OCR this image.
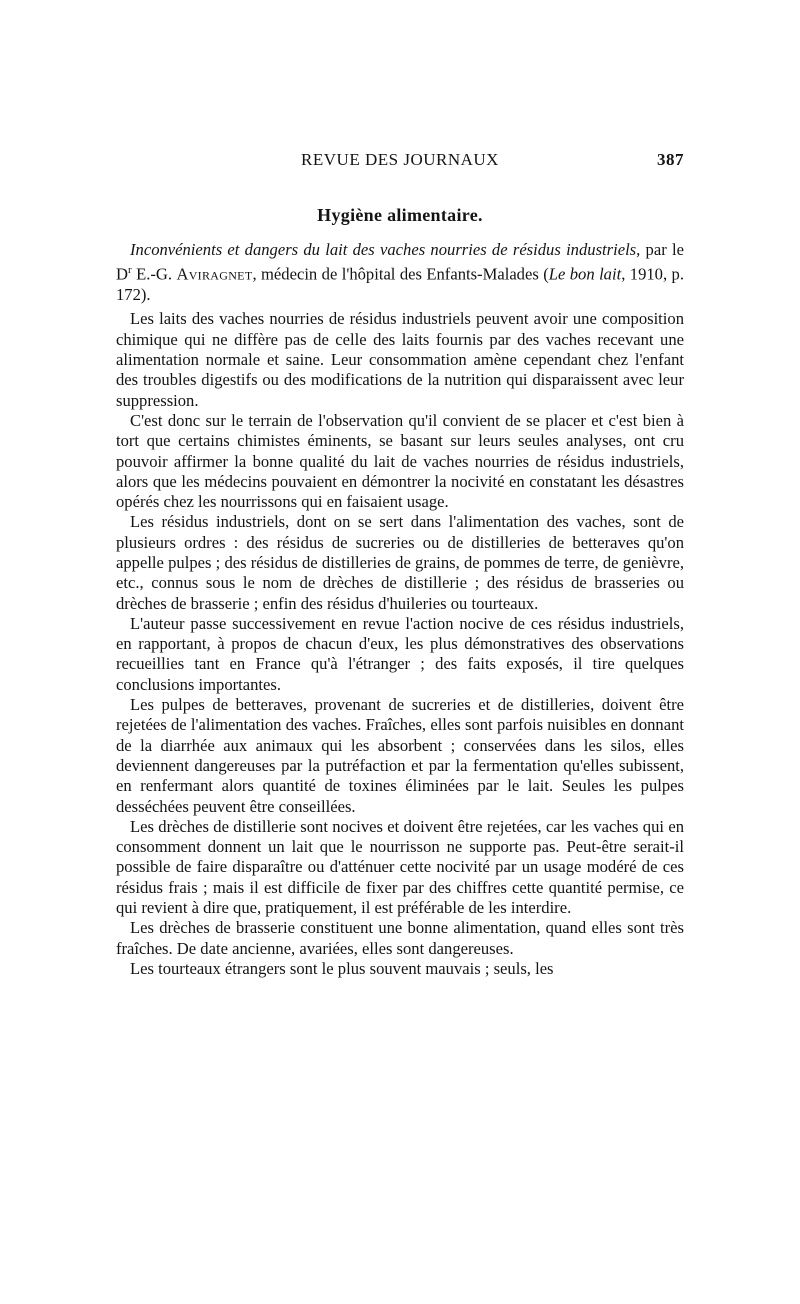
REVUE DES JOURNAUX	387
Hygiène alimentaire.

Inconvénients et dangers du lait des vaches nourries de résidus industriels, par le $D^r$ E.-G. Aviragnet, médecin de l'hôpital des Enfants-Malades (Le bon lait, 1910, p. 172).

Les laits des vaches nourries de résidus industriels peuvent avoir une composition chimique qui ne diffère pas de celle des laits fournis par des vaches recevant une alimentation normale et saine. Leur consommation amène cependant chez l'enfant des troubles digestifs ou des modifications de la nutrition qui disparaissent avec leur suppression.

C'est donc sur le terrain de l'observation qu'il convient de se placer et c'est bien à tort que certains chimistes éminents, se basant sur leurs seules analyses, ont cru pouvoir affirmer la bonne qualité du lait de vaches nourries de résidus industriels, alors que les médecins pouvaient en démontrer la nocivité en constatant les désastres opérés chez les nourrissons qui en faisaient usage.

Les résidus industriels, dont on se sert dans l'alimentation des vaches, sont de plusieurs ordres : des résidus de sucreries ou de distilleries de betteraves qu'on appelle pulpes ; des résidus de distilleries de grains, de pommes de terre, de genièvre, etc., connus sous le nom de drèches de distillerie ; des résidus de brasseries ou drèches de brasserie ; enfin des résidus d'huileries ou tourteaux.

L'auteur passe successivement en revue l'action nocive de ces résidus industriels, en rapportant, à propos de chacun d'eux, les plus démonstratives des observations recueillies tant en France qu'à l'étranger ; des faits exposés, il tire quelques conclusions importantes.

Les pulpes de betteraves, provenant de sucreries et de distilleries, doivent être rejetées de l'alimentation des vaches. Fraîches, elles sont parfois nuisibles en donnant de la diarrhée aux animaux qui les absorbent ; conservées dans les silos, elles deviennent dangereuses par la putréfaction et par la fermentation qu'elles subissent, en renfermant alors quantité de toxines éliminées par le lait. Seules les pulpes desséchées peuvent être conseillées.

Les drèches de distillerie sont nocives et doivent être rejetées, car les vaches qui en consomment donnent un lait que le nourrisson ne supporte pas. Peut-être serait-il possible de faire disparaître ou d'atténuer cette nocivité par un usage modéré de ces résidus frais ; mais il est difficile de fixer par des chiffres cette quantité permise, ce qui revient à dire que, pratiquement, il est préférable de les interdire.

Les drèches de brasserie constituent une bonne alimentation, quand elles sont très fraîches. De date ancienne, avariées, elles sont dangereuses.

Les tourteaux étrangers sont le plus souvent mauvais ; seuls, les
